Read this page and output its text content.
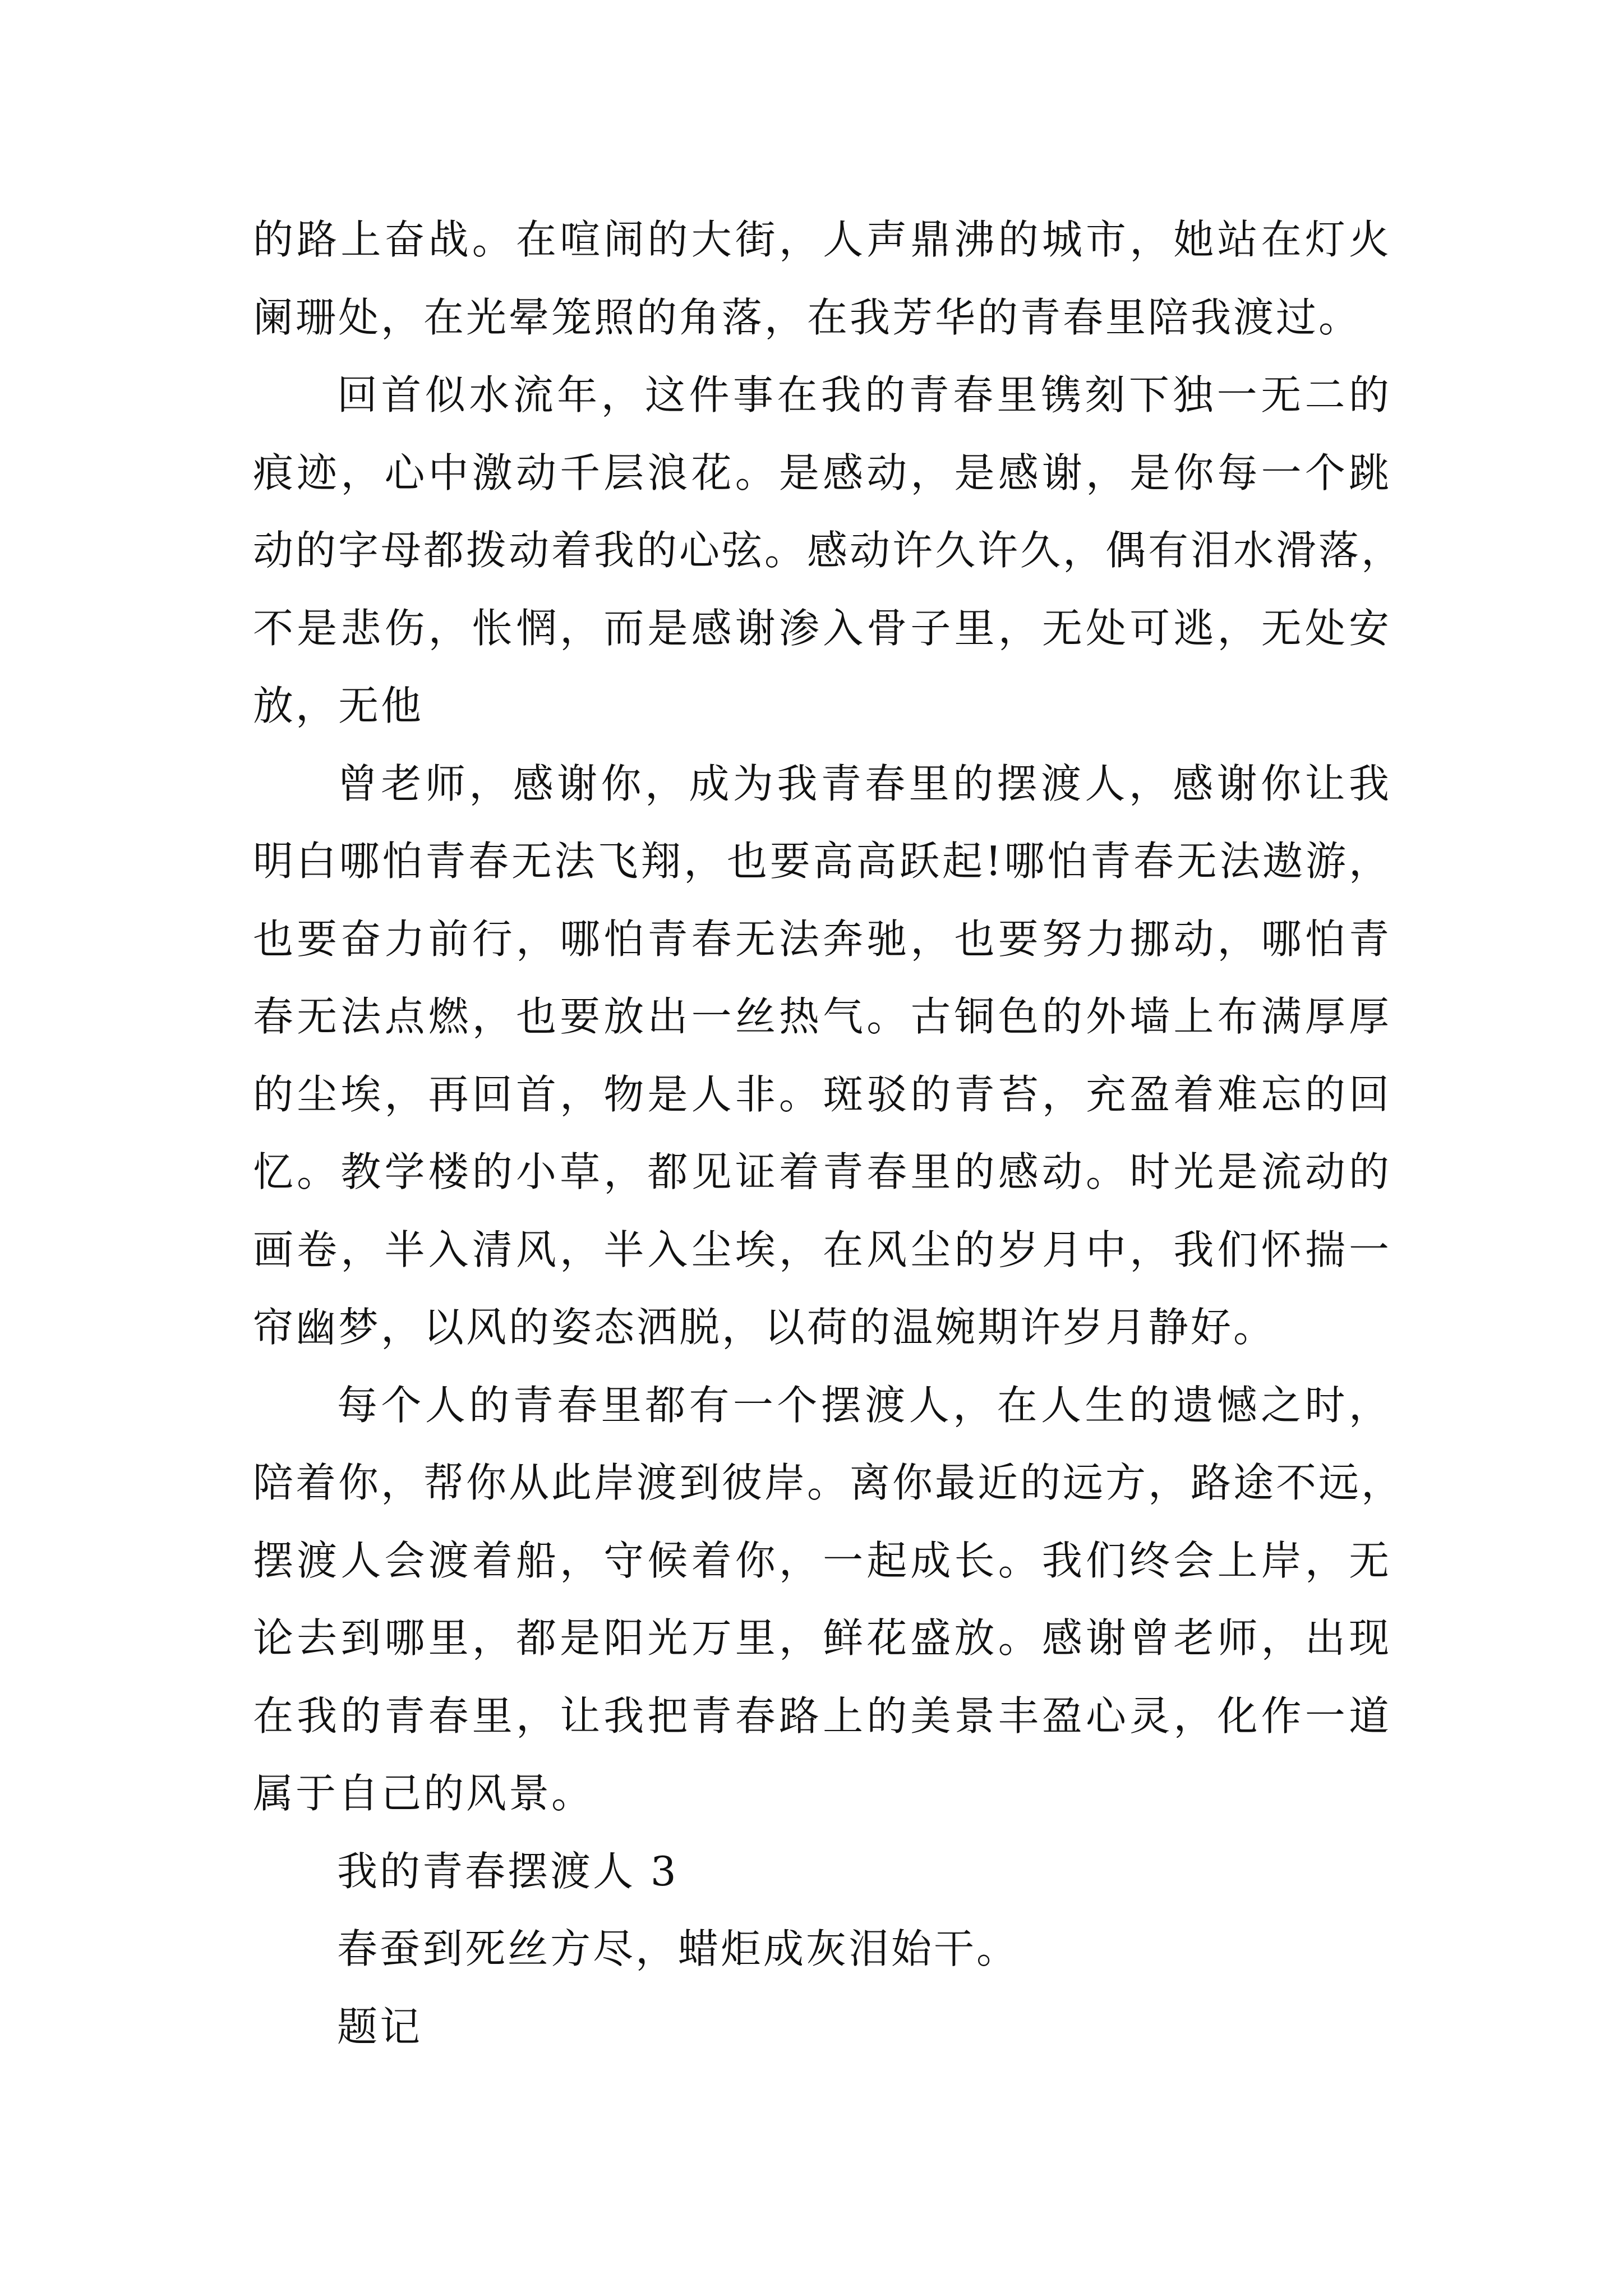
的路上奋战。在喧闹的大街，人声鼎沸的城市，她站在灯火
阑珊处，在光晕笼照的角落，在我芳华的青春里陪我渡过。
回首似水流年，这件事在我的青春里镌刻下独一无二的
痕迹，心中激动千层浪花。是感动，是感谢，是你每一个跳
动的字母都拨动着我的心弦。感动许久许久，偶有泪水滑落，
不是悲伤，怅惘，而是感谢渗入骨子里，无处可逃，无处安
放，无他
曾老师，感谢你，成为我青春里的摆渡人，感谢你让我
明白哪怕青春无法飞翔，也要高高跃起!哪怕青春无法遨游，
也要奋力前行，哪怕青春无法奔驰，也要努力挪动，哪怕青
春无法点燃，也要放出一丝热气。古铜色的外墙上布满厚厚
的尘埃，再回首，物是人非。斑驳的青苔，充盈着难忘的回
忆。教学楼的小草，都见证着青春里的感动。时光是流动的
画卷，半入清风，半入尘埃，在风尘的岁月中，我们怀揣一
帘幽梦，以风的姿态洒脱，以荷的温婉期许岁月静好。
每个人的青春里都有一个摆渡人，在人生的遗憾之时，
陪着你，帮你从此岸渡到彼岸。离你最近的远方，路途不远，
摆渡人会渡着船，守候着你，一起成长。我们终会上岸，无
论去到哪里，都是阳光万里，鲜花盛放。感谢曾老师，出现
在我的青春里，让我把青春路上的美景丰盈心灵，化作一道
属于自己的风景。
我的青春摆渡人 3
春蚕到死丝方尽，蜡炬成灰泪始干。
题记
